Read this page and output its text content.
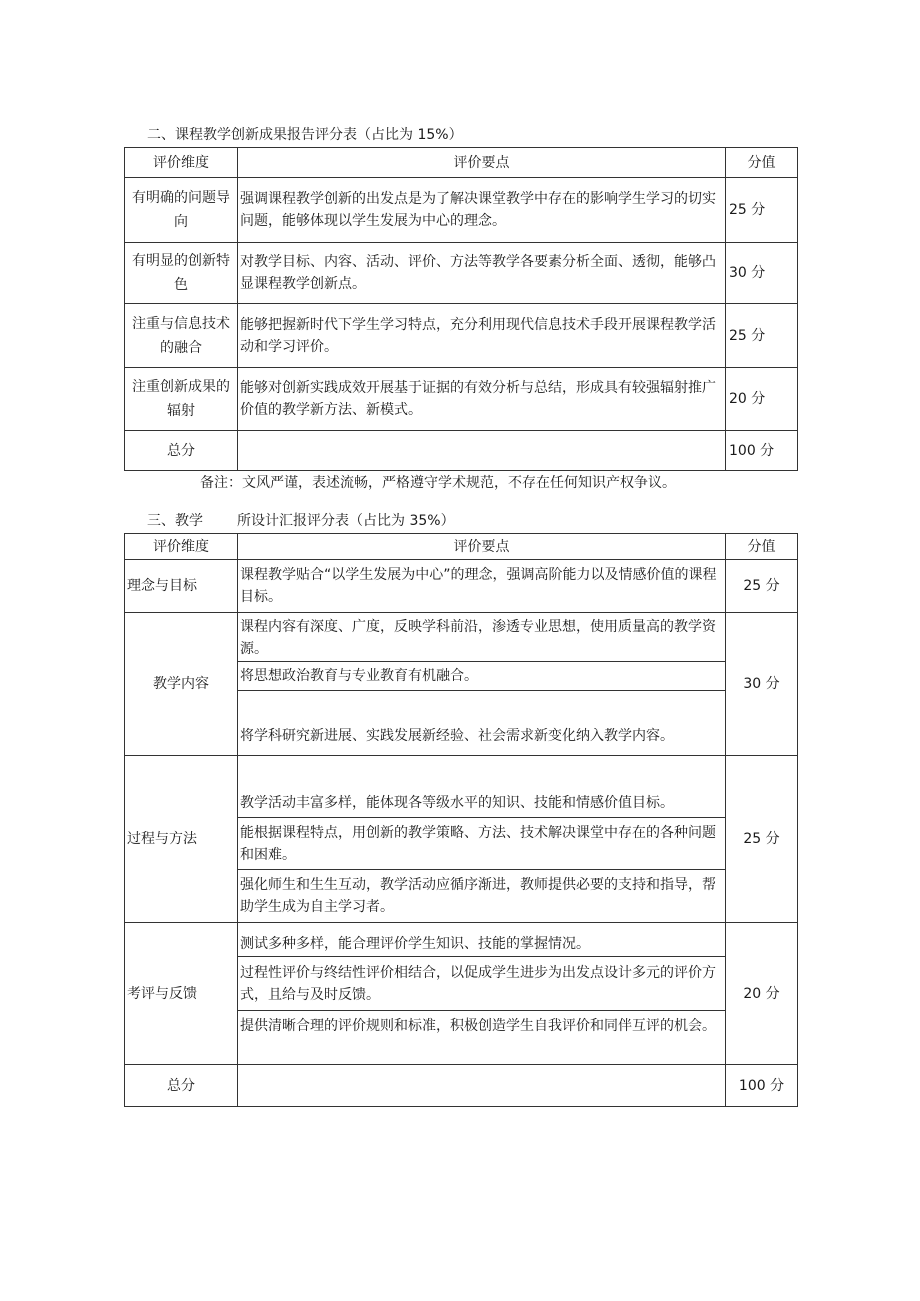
二、课程教学创新成果报告评分表（占比为 15%）
评价维度	评价要点	分值
有明确的问题导向	强调课程教学创新的出发点是为了解决课堂教学中存在的影响学生学习的切实问题，能够体现以学生发展为中心的理念。	25 分
有明显的创新特色	对教学目标、内容、活动、评价、方法等教学各要素分析全面、透彻，能够凸显课程教学创新点。	30 分
注重与信息技术的融合	能够把握新时代下学生学习特点，充分利用现代信息技术手段开展课程教学活动和学习评价。	25 分
注重创新成果的辐射	能够对创新实践成效开展基于证据的有效分析与总结，形成具有较强辐射推广价值的教学新方法、新模式。	20 分
总分		100 分
备注：文风严谨，表述流畅，严格遵守学术规范，不存在任何知识产权争议。
三、教学 所设计汇报评分表（占比为 35%）
评价维度	评价要点	分值
理念与目标	课程教学贴合“以学生发展为中心”的理念，强调高阶能力以及情感价值的课程目标。	25 分
教学内容	课程内容有深度、广度，反映学科前沿，渗透专业思想，使用质量高的教学资源。
将思想政治教育与专业教育有机融合。
将学科研究新进展、实践发展新经验、社会需求新变化纳入教学内容。	30 分
过程与方法	教学活动丰富多样，能体现各等级水平的知识、技能和情感价值目标。
能根据课程特点，用创新的教学策略、方法、技术解决课堂中存在的各种问题和困难。
强化师生和生生互动，教学活动应循序渐进，教师提供必要的支持和指导，帮助学生成为自主学习者。	25 分
考评与反馈	测试多种多样，能合理评价学生知识、技能的掌握情况。
过程性评价与终结性评价相结合，以促成学生进步为出发点设计多元的评价方式，且给与及时反馈。
提供清晰合理的评价规则和标准，积极创造学生自我评价和同伴互评的机会。	20 分
总分		100 分
